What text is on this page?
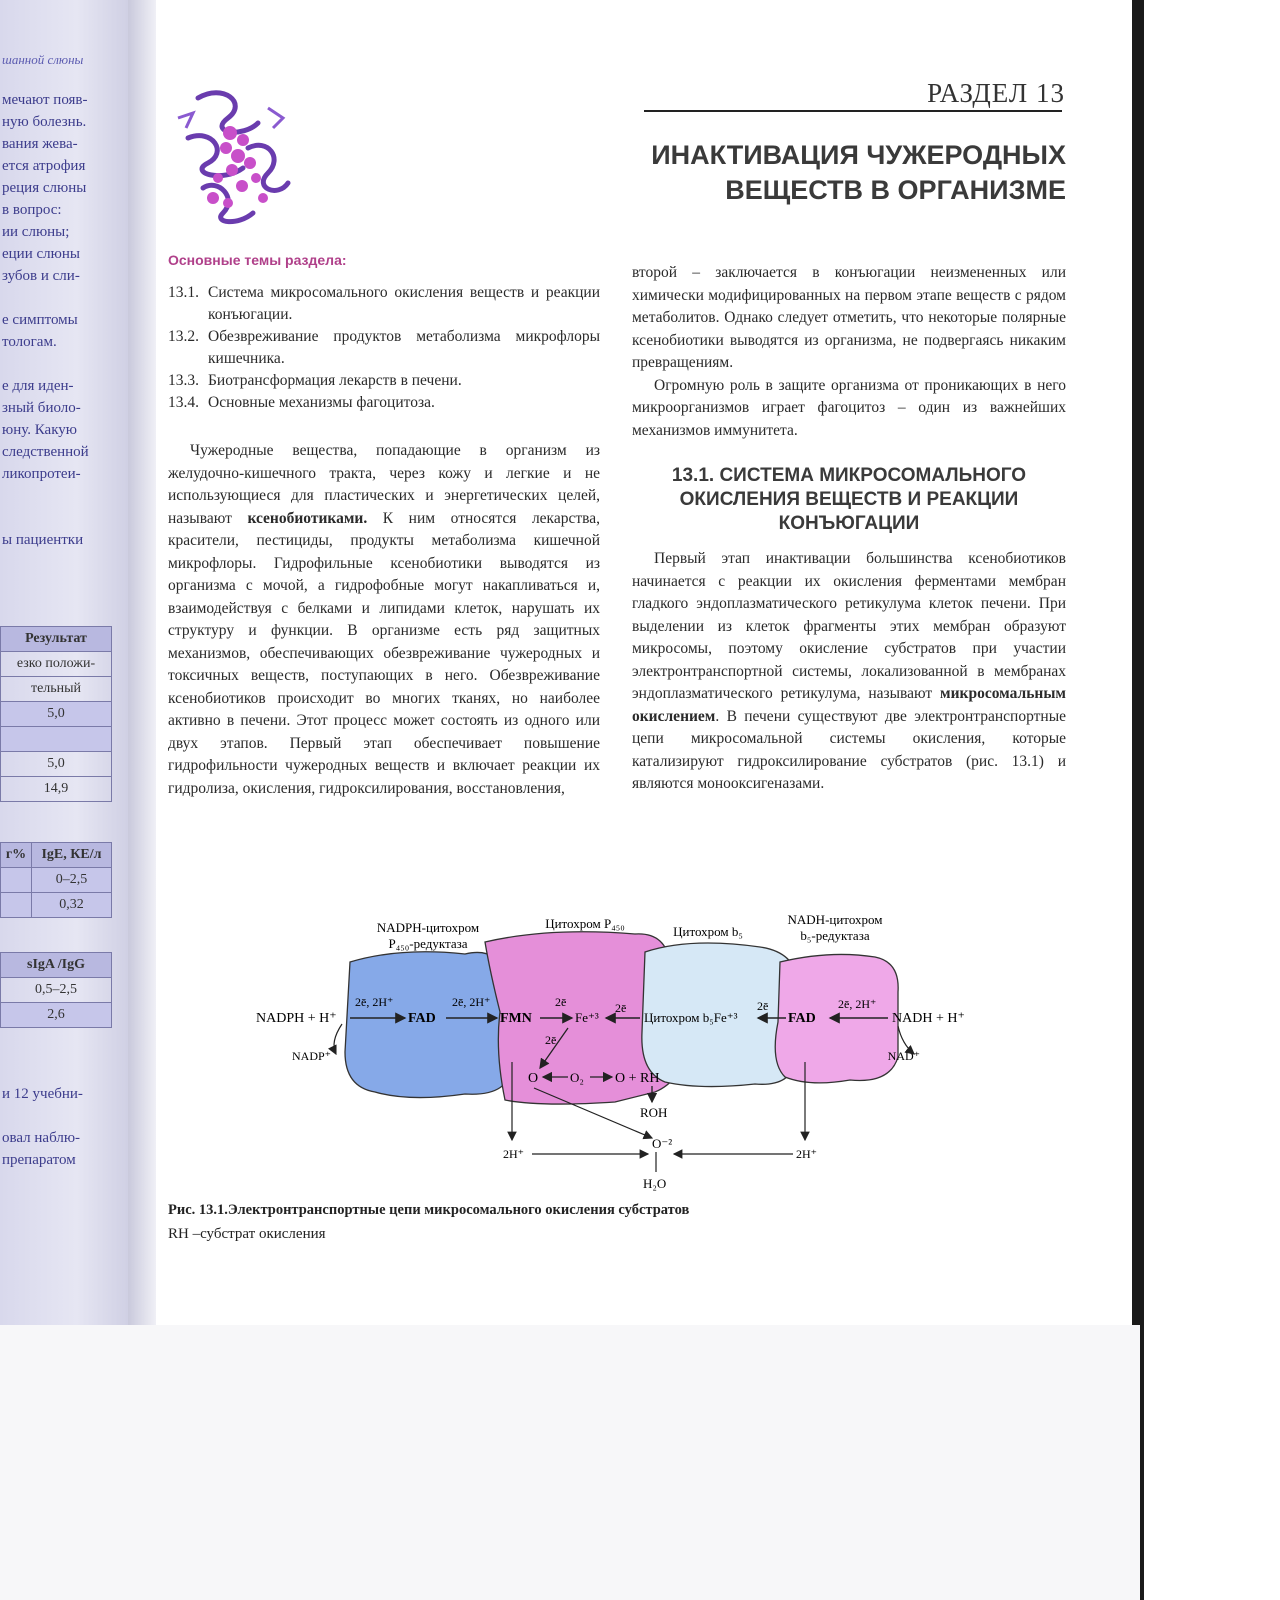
шанной слюны
мечают появ-
ную болезнь.
вания жева-
ется атрофия
реция слюны
в вопрос:
ии слюны;
еции слюны
зубов и сли-
е симптомы
тологам.
е для иден-
зный биоло-
юну. Какую
следственной
ликопротеи-
ы пациентки
Результат
езко положи-
тельный
5,0

5,0
14,9
г%	IgE, КЕ/л
	0–2,5
	0,32
sIgA /IgG
0,5–2,5
2,6
и 12 учебни-
овал наблю-
препаратом
РАЗДЕЛ 13
ИНАКТИВАЦИЯ ЧУЖЕРОДНЫХ
ВЕЩЕСТВ В ОРГАНИЗМЕ
Основные темы раздела:
13.1. Система микросомального окисления веществ и реакции конъюгации.
13.2. Обезвреживание продуктов метаболизма микрофлоры кишечника.
13.3. Биотрансформация лекарств в печени.
13.4. Основные механизмы фагоцитоза.

Чужеродные вещества, попадающие в организм из желудочно-кишечного тракта, через кожу и легкие и не использующиеся для пластических и энергетических целей, называют ксенобиотиками. К ним относятся лекарства, красители, пестициды, продукты метаболизма кишечной микрофлоры. Гидрофильные ксенобиотики выводятся из организма с мочой, а гидрофобные могут накапливаться и, взаимодействуя с белками и липидами клеток, нарушать их структуру и функции. В организме есть ряд защитных механизмов, обеспечивающих обезвреживание чужеродных и токсичных веществ, поступающих в него. Обезвреживание ксенобиотиков происходит во многих тканях, но наиболее активно в печени. Этот процесс может состоять из одного или двух этапов. Первый этап обеспечивает повышение гидрофильности чужеродных веществ и включает реакции их гидролиза, окисления, гидроксилирования, восстановления,

второй – заключается в конъюгации неизмененных или химически модифицированных на первом этапе веществ с рядом метаболитов. Однако следует отметить, что некоторые полярные ксенобиотики выводятся из организма, не подвергаясь никаким превращениям.

Огромную роль в защите организма от проникающих в него микроорганизмов играет фагоцитоз – один из важнейших механизмов иммунитета.

13.1. СИСТЕМА МИКРОСОМАЛЬНОГО ОКИСЛЕНИЯ ВЕЩЕСТВ И РЕАКЦИИ КОНЪЮГАЦИИ

Первый этап инактивации большинства ксенобиотиков начинается с реакции их окисления ферментами мембран гладкого эндоплазматического ретикулума клеток печени. При выделении из клеток фрагменты этих мембран образуют микросомы, поэтому окисление субстратов при участии электронтранспортной системы, локализованной в мембранах эндоплазматического ретикулума, называют микросомальным окислением. В печени существуют две электронтранспортные цепи микросомальной системы окисления, которые катализируют гидроксилирование субстратов (рис. 13.1) и являются монооксигеназами.

NADPH-цитохром
P₄₅₀-редуктаза
Цитохром P₄₅₀
Цитохром b₅
NADH-цитохром
b₅-редуктаза
NADPH + H⁺
NADP⁺
2ē, 2H⁺
FAD
2ē, 2H⁺
FMN
2ē
Fe⁺³
2ē
Цитохром b₅Fe⁺³
2ē
FAD
2ē, 2H⁺
NADH + H⁺
NAD⁺
2ē
O O₂ O + RH
ROH
O⁻²
H₂O
2H⁺	2H⁺
Рис. 13.1.Электронтранспортные цепи микросомального окисления субстратов
RH –субстрат окисления
